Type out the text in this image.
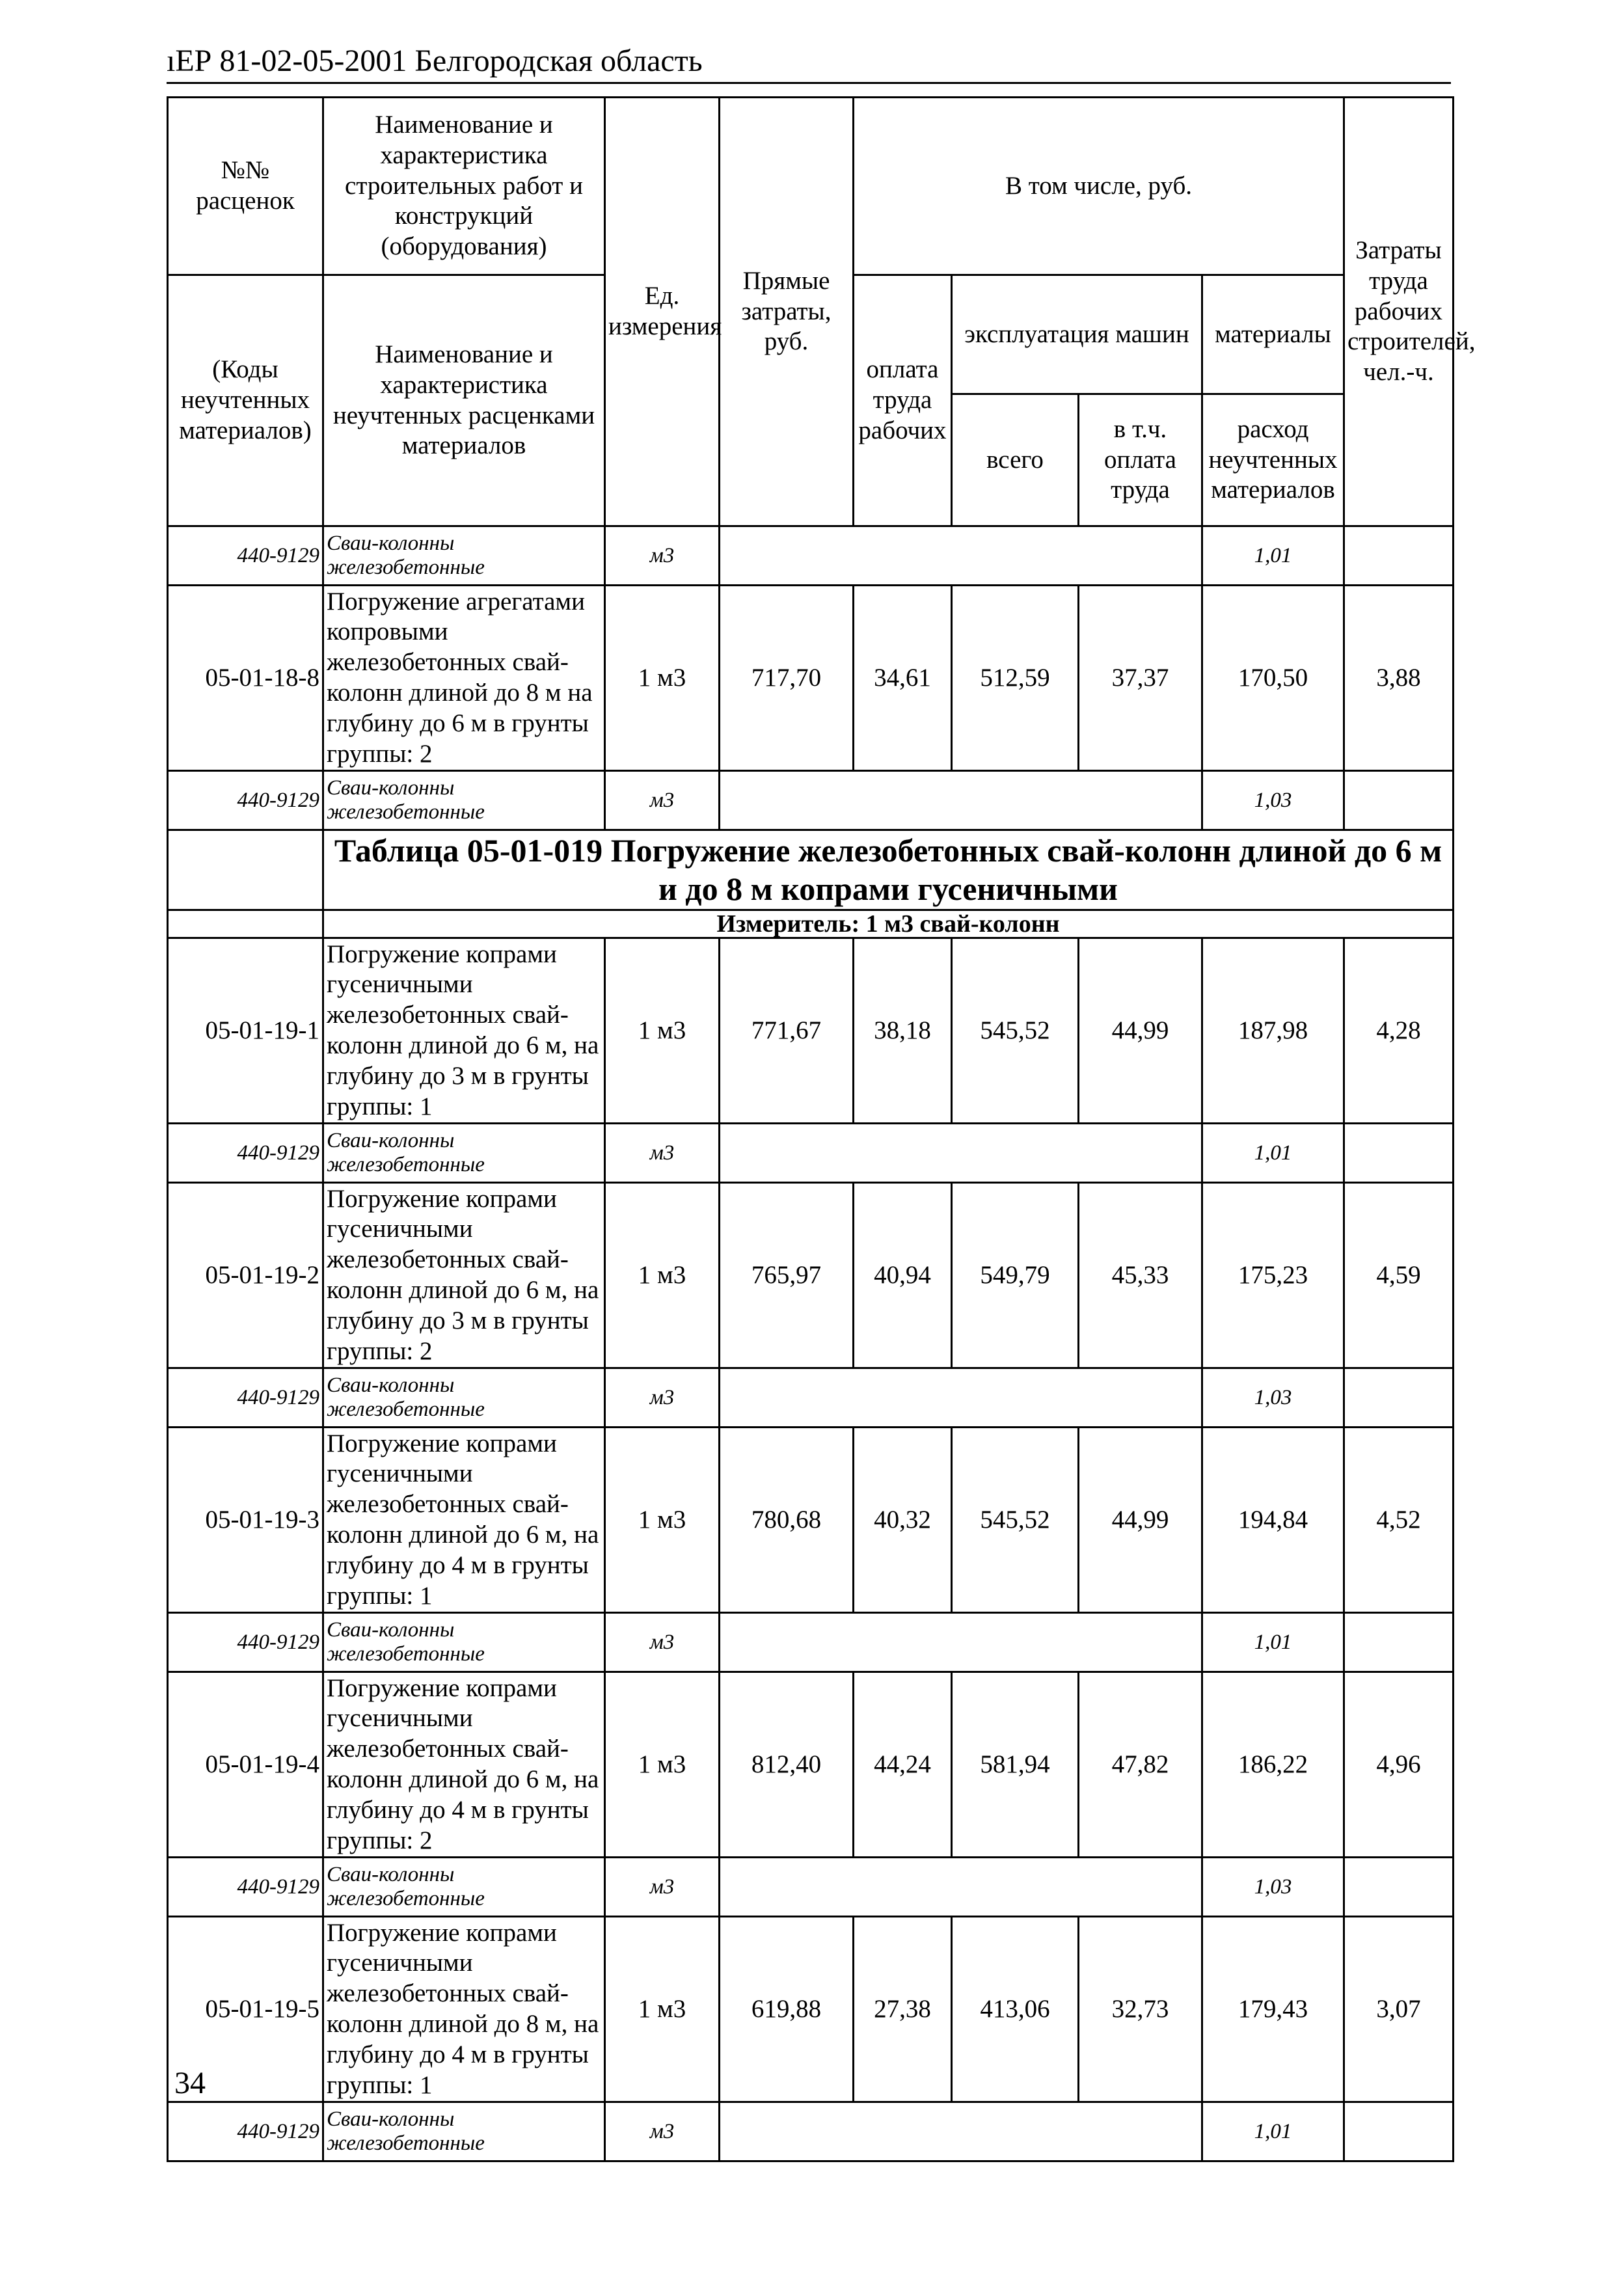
ıЕР 81-02-05-2001 Белгородская область
№№ расценок	Наименование и характеристика строительных работ и конструкций (оборудования)	Ед. измерения	Прямые затраты, руб.	В том числе, руб.				Затраты труда рабочих строителей, чел.-ч.
(Коды неучтенных материалов)	Наименование и характеристика неучтенных расценками материалов			оплата труда рабочих	эксплуатация машин		материалы	
					всего	в т.ч. оплата труда	расход неучтенных материалов	
440-9129	Сваи-колонны железобетонные	м3					1,01	
05-01-18-8	Погружение агрегатами копровыми железобетонных свай-колонн длиной до 8 м на глубину до 6 м в грунты группы: 2	1 м3	717,70	34,61	512,59	37,37	170,50	3,88
440-9129	Сваи-колонны железобетонные	м3					1,03	
	Таблица 05-01-019 Погружение железобетонных свай-колонн длиной до 6 м и до 8 м копрами гусеничными							
	Измеритель: 1 м3 свай-колонн							
05-01-19-1	Погружение копрами гусеничными железобетонных свай-колонн длиной до 6 м, на глубину до 3 м в грунты группы: 1	1 м3	771,67	38,18	545,52	44,99	187,98	4,28
440-9129	Сваи-колонны железобетонные	м3					1,01	
05-01-19-2	Погружение копрами гусеничными железобетонных свай-колонн длиной до 6 м, на глубину до 3 м в грунты группы: 2	1 м3	765,97	40,94	549,79	45,33	175,23	4,59
440-9129	Сваи-колонны железобетонные	м3					1,03	
05-01-19-3	Погружение копрами гусеничными железобетонных свай-колонн длиной до 6 м, на глубину до 4 м в грунты группы: 1	1 м3	780,68	40,32	545,52	44,99	194,84	4,52
440-9129	Сваи-колонны железобетонные	м3					1,01	
05-01-19-4	Погружение копрами гусеничными железобетонных свай-колонн длиной до 6 м, на глубину до 4 м в грунты группы: 2	1 м3	812,40	44,24	581,94	47,82	186,22	4,96
440-9129	Сваи-колонны железобетонные	м3					1,03	
05-01-19-5	Погружение копрами гусеничными железобетонных свай-колонн длиной до 8 м, на глубину до 4 м в грунты группы: 1	1 м3	619,88	27,38	413,06	32,73	179,43	3,07
440-9129	Сваи-колонны железобетонные	м3					1,01	
34
